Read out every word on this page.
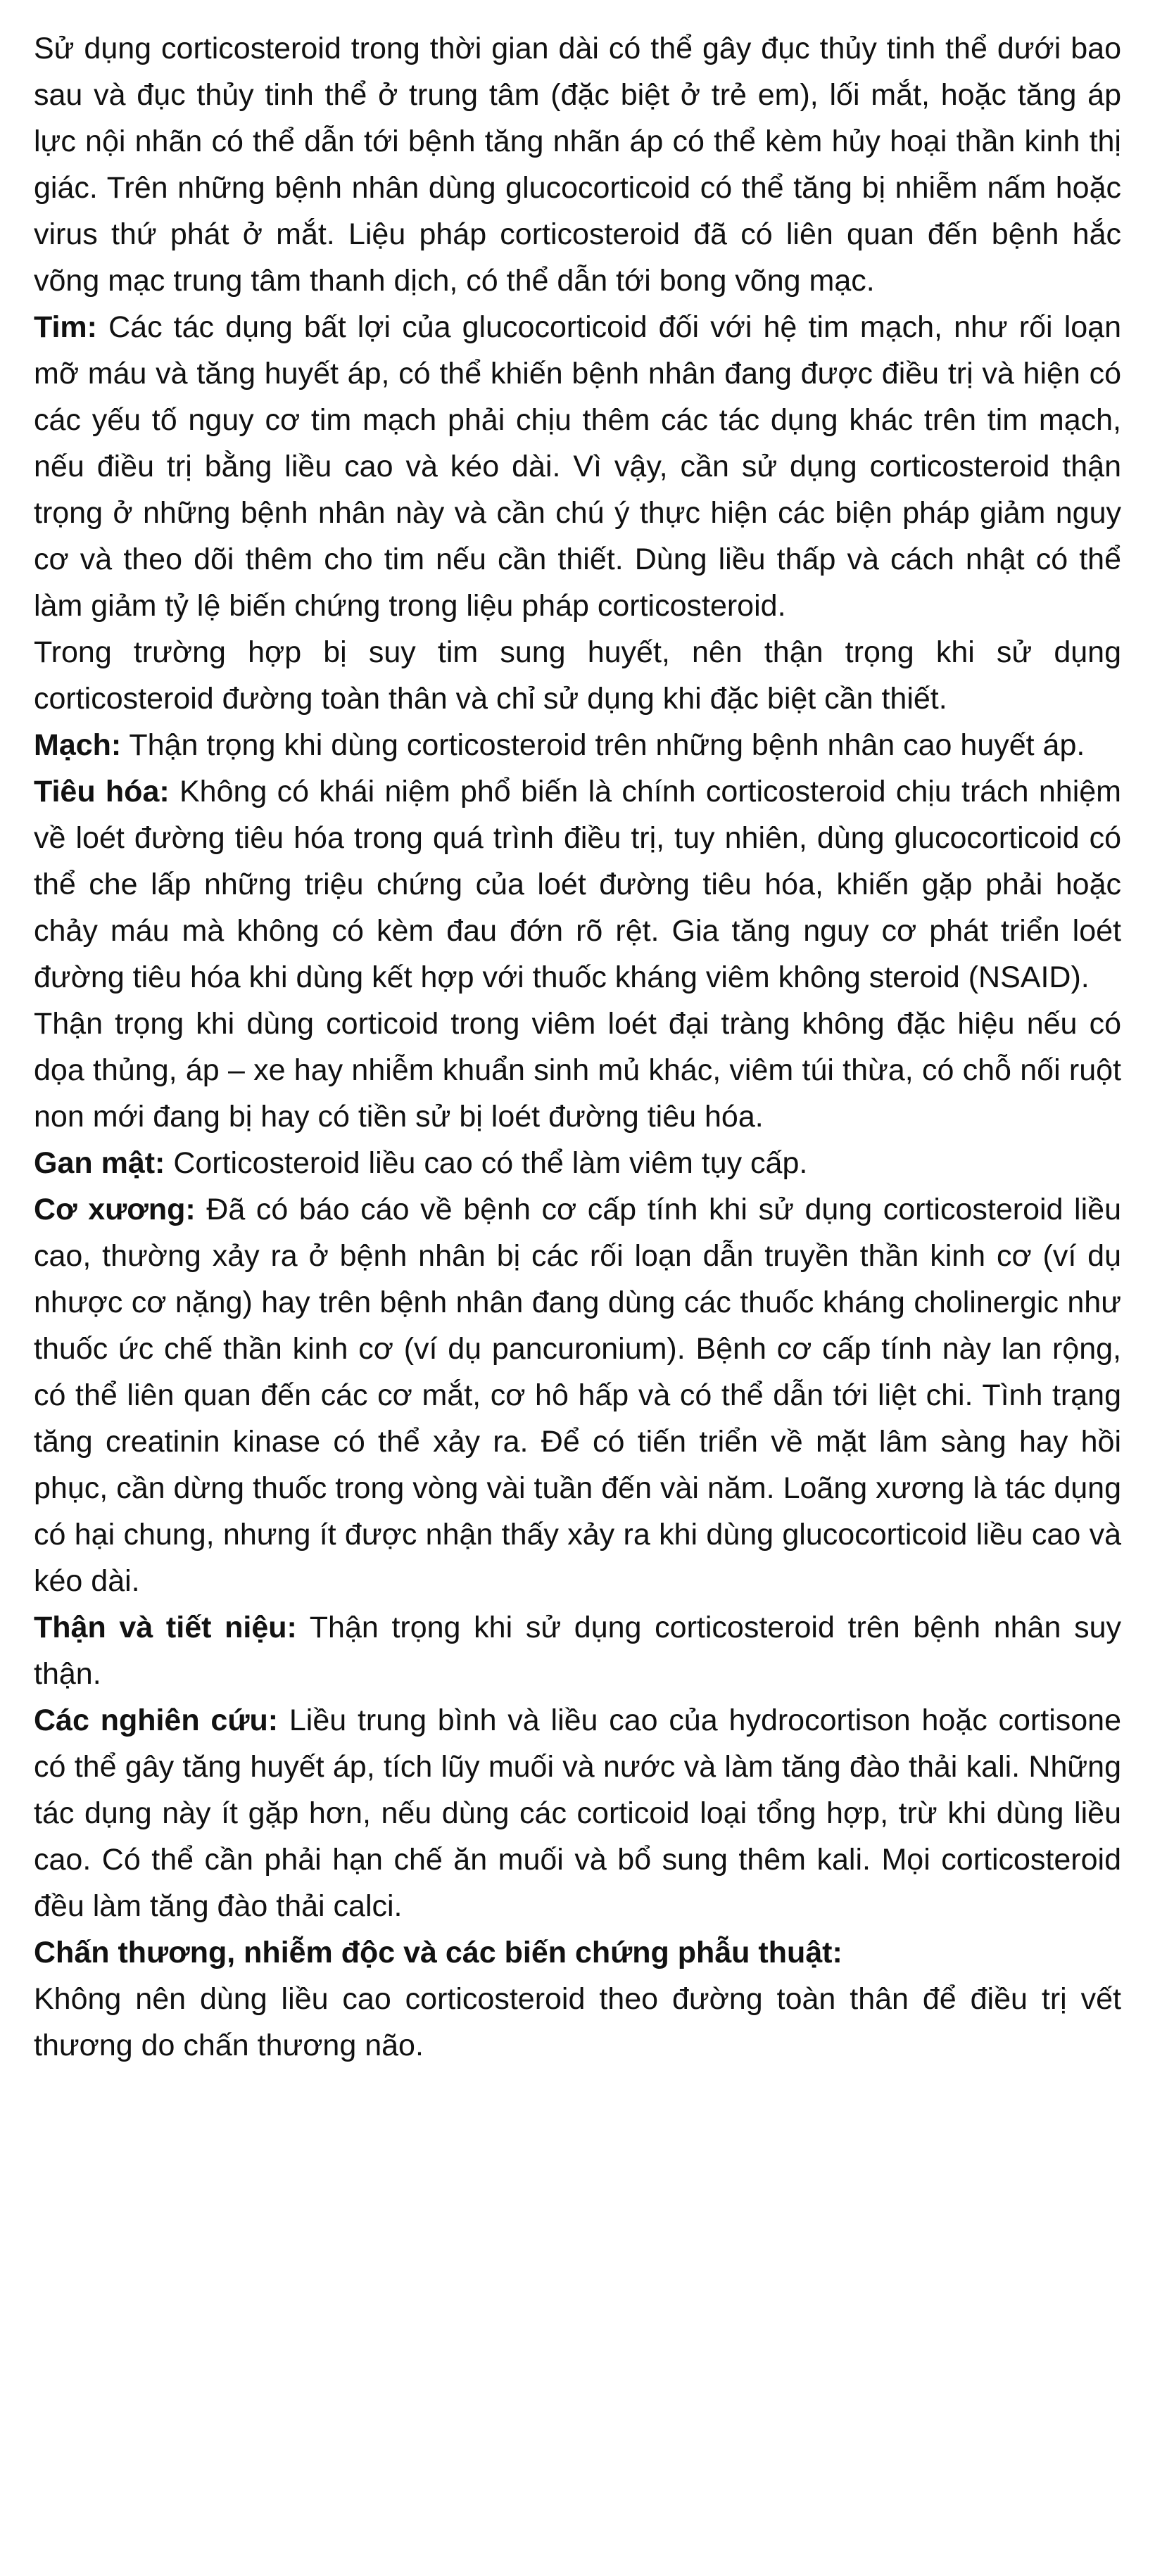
Sử dụng corticosteroid trong thời gian dài có thể gây đục thủy tinh thể dưới bao sau và đục thủy tinh thể ở trung tâm (đặc biệt ở trẻ em), lối mắt, hoặc tăng áp lực nội nhãn có thể dẫn tới bệnh tăng nhãn áp có thể kèm hủy hoại thần kinh thị giác. Trên những bệnh nhân dùng glucocorticoid có thể tăng bị nhiễm nấm hoặc virus thứ phát ở mắt. Liệu pháp corticosteroid đã có liên quan đến bệnh hắc võng mạc trung tâm thanh dịch, có thể dẫn tới bong võng mạc.

Tim: Các tác dụng bất lợi của glucocorticoid đối với hệ tim mạch, như rối loạn mỡ máu và tăng huyết áp, có thể khiến bệnh nhân đang được điều trị và hiện có các yếu tố nguy cơ tim mạch phải chịu thêm các tác dụng khác trên tim mạch, nếu điều trị bằng liều cao và kéo dài. Vì vậy, cần sử dụng corticosteroid thận trọng ở những bệnh nhân này và cần chú ý thực hiện các biện pháp giảm nguy cơ và theo dõi thêm cho tim nếu cần thiết. Dùng liều thấp và cách nhật có thể làm giảm tỷ lệ biến chứng trong liệu pháp corticosteroid.

Trong trường hợp bị suy tim sung huyết, nên thận trọng khi sử dụng corticosteroid đường toàn thân và chỉ sử dụng khi đặc biệt cần thiết.

Mạch: Thận trọng khi dùng corticosteroid trên những bệnh nhân cao huyết áp.

Tiêu hóa: Không có khái niệm phổ biến là chính corticosteroid chịu trách nhiệm về loét đường tiêu hóa trong quá trình điều trị, tuy nhiên, dùng glucocorticoid có thể che lấp những triệu chứng của loét đường tiêu hóa, khiến gặp phải hoặc chảy máu mà không có kèm đau đớn rõ rệt. Gia tăng nguy cơ phát triển loét đường tiêu hóa khi dùng kết hợp với thuốc kháng viêm không steroid (NSAID).

Thận trọng khi dùng corticoid trong viêm loét đại tràng không đặc hiệu nếu có dọa thủng, áp – xe hay nhiễm khuẩn sinh mủ khác, viêm túi thừa, có chỗ nối ruột non mới đang bị hay có tiền sử bị loét đường tiêu hóa.

Gan mật: Corticosteroid liều cao có thể làm viêm tụy cấp.

Cơ xương: Đã có báo cáo về bệnh cơ cấp tính khi sử dụng corticosteroid liều cao, thường xảy ra ở bệnh nhân bị các rối loạn dẫn truyền thần kinh cơ (ví dụ nhược cơ nặng) hay trên bệnh nhân đang dùng các thuốc kháng cholinergic như thuốc ức chế thần kinh cơ (ví dụ pancuronium). Bệnh cơ cấp tính này lan rộng, có thể liên quan đến các cơ mắt, cơ hô hấp và có thể dẫn tới liệt chi. Tình trạng tăng creatinin kinase có thể xảy ra. Để có tiến triển về mặt lâm sàng hay hồi phục, cần dừng thuốc trong vòng vài tuần đến vài năm. Loãng xương là tác dụng có hại chung, nhưng ít được nhận thấy xảy ra khi dùng glucocorticoid liều cao và kéo dài.

Thận và tiết niệu: Thận trọng khi sử dụng corticosteroid trên bệnh nhân suy thận.

Các nghiên cứu: Liều trung bình và liều cao của hydrocortison hoặc cortisone có thể gây tăng huyết áp, tích lũy muối và nước và làm tăng đào thải kali. Những tác dụng này ít gặp hơn, nếu dùng các corticoid loại tổng hợp, trừ khi dùng liều cao. Có thể cần phải hạn chế ăn muối và bổ sung thêm kali. Mọi corticosteroid đều làm tăng đào thải calci.

Chấn thương, nhiễm độc và các biến chứng phẫu thuật:

Không nên dùng liều cao corticosteroid theo đường toàn thân để điều trị vết thương do chấn thương não.
